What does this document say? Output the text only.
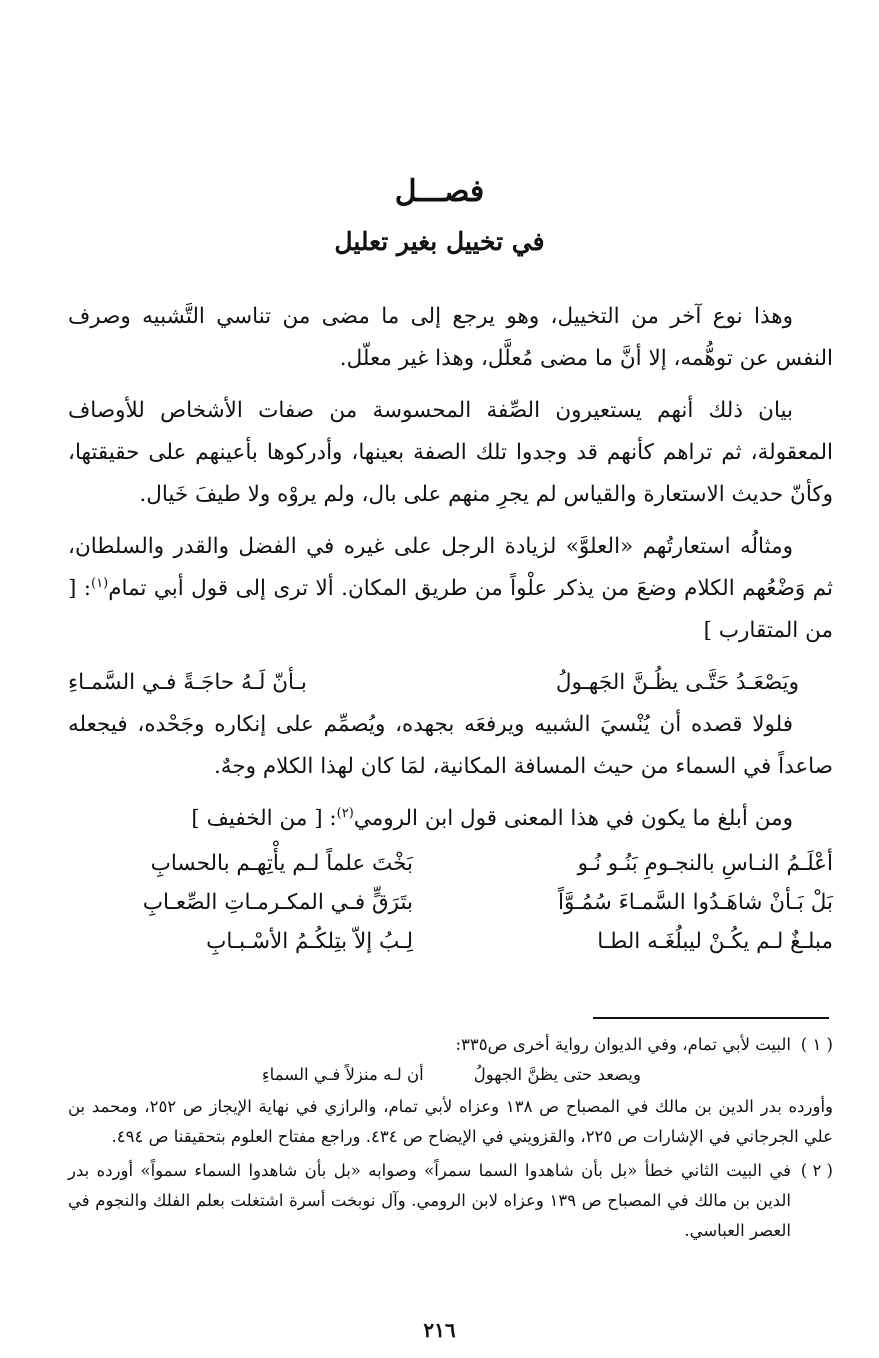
فصـــل
في تخييل بغير تعليل

وهذا نوع آخر من التخييل، وهو يرجع إلى ما مضى من تناسي التَّشبيه وصرف النفس عن توهُّمه، إلا أنَّ ما مضى مُعلَّل، وهذا غير معلّل.

بيان ذلك أنهم يستعيرون الصِّفة المحسوسة من صفات الأشخاص للأوصاف المعقولة، ثم تراهم كأنهم قد وجدوا تلك الصفة بعينها، وأدركوها بأعينهم على حقيقتها، وكأنّ حديث الاستعارة والقياس لم يجرِ منهم على بال، ولم يروْه ولا طيفَ خَيال.

ومثالُه استعارتُهم «العلوَّ» لزيادة الرجل على غيره في الفضل والقدر والسلطان، ثم وَضْعُهم الكلام وضعَ من يذكر علْواً من طريق المكان. ألا ترى إلى قول أبي تمام$^{(١)}$: [ من المتقارب ]

ويَصْعَـدُ حَتَّـى يظُـنَّ الجَهـولُ
بـأنّ لَـهُ حاجَـةً فـي السَّمـاءِ

فلولا قصده أن يُنْسيَ الشبيه ويرفعَه بجهده، ويُصمِّم على إنكاره وجَحْده، فيجعله صاعداً في السماء من حيث المسافة المكانية، لمَا كان لهذا الكلام وجهٌ.

ومن أبلغ ما يكون في هذا المعنى قول ابن الرومي$^{(٢)}$: [ من الخفيف ]

أعْلَـمُ النـاسِ بالنجـومِ بَنُـو نُـو
بَخْتَ علماً لـم يأْتِهـم بالحسابِ
بَلْ بَـأنْ شاهَـدُوا السَّمـاءَ سُمُـوَّاً
بتَرَقٍّ فـي المكـرمـاتِ الصِّعـابِ
مبلـغٌ لـم يكُـنْ ليبلُغَـه الطـا
لِـبُ إلاّ بتِلكُـمُ الأسْـبـابِ
( ١ )
البيت لأبي تمام، وفي الديوان رواية أخرى ص٣٣٥:
ويصعد حتى يظنَّ الجهولُ
أن لـه منزلاً فـي السماءِ
وأورده بدر الدين بن مالك في المصباح ص ١٣٨ وعزاه لأبي تمام، والرازي في نهاية الإيجاز ص ٢٥٢، ومحمد بن علي الجرجاني في الإشارات ص ٢٢٥، والقزويني في الإيضاح ص ٤٣٤. وراجع مفتاح العلوم بتحقيقنا ص ٤٩٤.
( ٢ )
في البيت الثاني خطأ «بل بأن شاهدوا السما سمراً» وصوابه «بل بأن شاهدوا السماء سمواً» أورده بدر الدين بن مالك في المصباح ص ١٣٩ وعزاه لابن الرومي. وآل نوبخت أسرة اشتغلت بعلم الفلك والنجوم في العصر العباسي.
٢١٦
